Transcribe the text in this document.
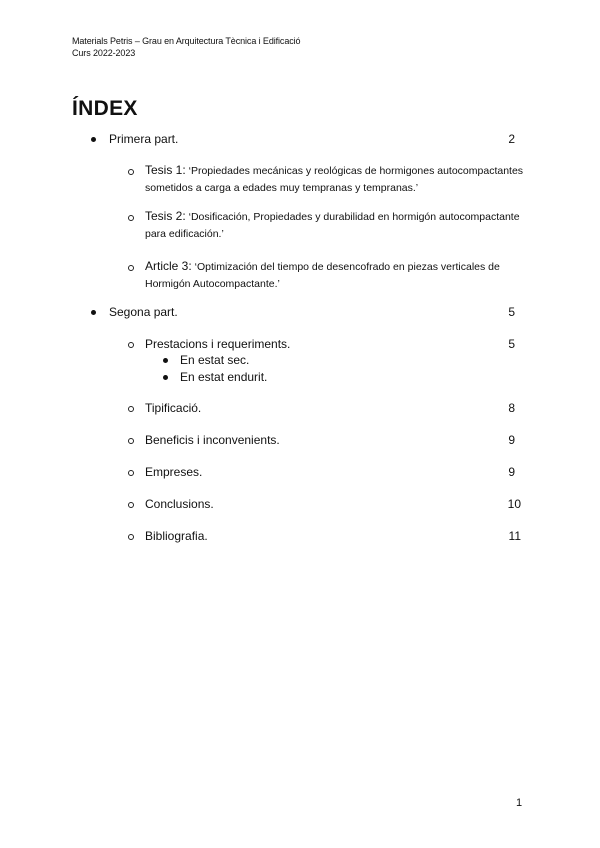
Materials Petris – Grau en Arquitectura Tècnica i Edificació
Curs 2022-2023
ÍNDEX
Primera part.	2
Tesis 1: ‘Propiedades mecánicas y reológicas de hormigones autocompactantes sometidos a carga a edades muy tempranas y tempranas.’
Tesis 2: ‘Dosificación, Propiedades y durabilidad en hormigón autocompactante para edificación.’
Article 3: ‘Optimización del tiempo de desencofrado en piezas verticales de Hormigón Autocompactante.’
Segona part.	5
Prestacions i requeriments.	5
En estat sec.
En estat endurit.
Tipificació.	8
Beneficis i inconvenients.	9
Empreses.	9
Conclusions.	10
Bibliografia.	11
1
